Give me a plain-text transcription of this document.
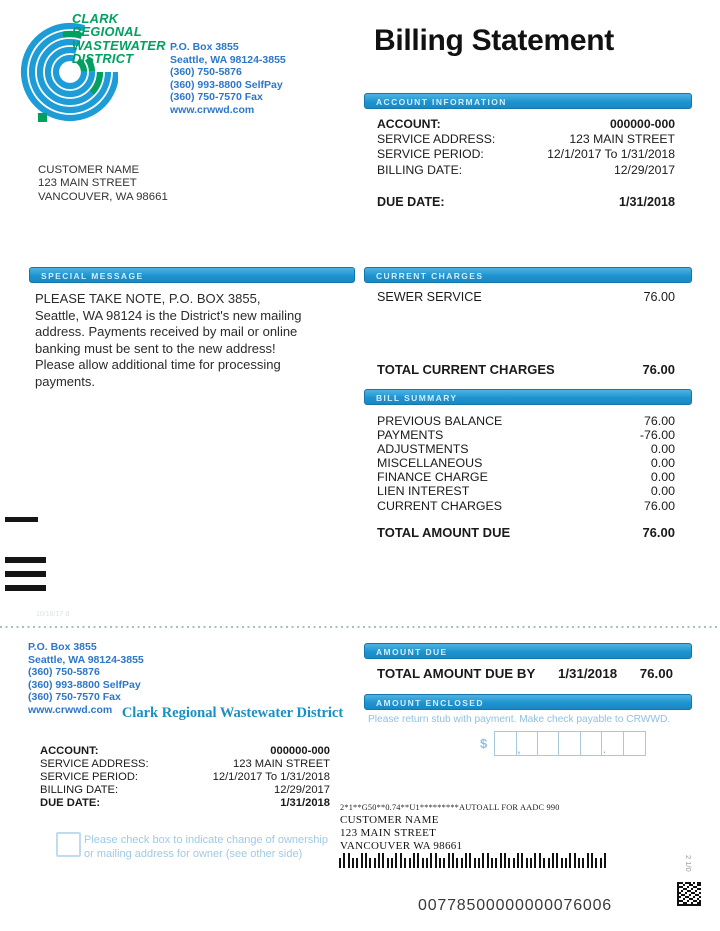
CLARK
REGIONAL
WASTEWATER
DISTRICT
P.O. Box 3855
Seattle, WA 98124-3855
(360) 750-5876
(360) 993-8800 SelfPay
(360) 750-7570 Fax
www.crwwd.com
Billing Statement
ACCOUNT INFORMATION
ACCOUNT:	000000-000
SERVICE ADDRESS:	123 MAIN STREET
SERVICE PERIOD:	12/1/2017 To 1/31/2018
BILLING DATE:	12/29/2017
DUE DATE:	1/31/2018
CUSTOMER NAME
123 MAIN STREET
VANCOUVER, WA 98661
SPECIAL MESSAGE
PLEASE TAKE NOTE, P.O. BOX 3855,
Seattle, WA 98124 is the District's new mailing
address. Payments received by mail or online
banking must be sent to the new address!
Please allow additional time for processing
payments.
CURRENT CHARGES
SEWER SERVICE	76.00
TOTAL CURRENT CHARGES	76.00
BILL SUMMARY
PREVIOUS BALANCE	76.00
PAYMENTS	-76.00
ADJUSTMENTS	0.00
MISCELLANEOUS	0.00
FINANCE CHARGE	0.00
LIEN INTEREST	0.00
CURRENT CHARGES	76.00
TOTAL AMOUNT DUE	76.00
10/18/17 d
P.O. Box 3855
Seattle, WA 98124-3855
(360) 750-5876
(360) 993-8800 SelfPay
(360) 750-7570 Fax
www.crwwd.com Clark Regional Wastewater District
ACCOUNT:	000000-000
SERVICE ADDRESS:	123 MAIN STREET
SERVICE PERIOD:	12/1/2017 To 1/31/2018
BILLING DATE:	12/29/2017
DUE DATE:	1/31/2018
Please check box to indicate change of ownership
or mailing address for owner (see other side)
AMOUNT DUE
TOTAL AMOUNT DUE BY 1/31/2018 76.00
AMOUNT ENCLOSED
Please return stub with payment. Make check payable to CRWWD.
$	,	.
2*1**G50**0.74**U1*********AUTOALL FOR AADC 990
CUSTOMER NAME
123 MAIN STREET
VANCOUVER WA 98661
00778500000000076006
2 1/0
